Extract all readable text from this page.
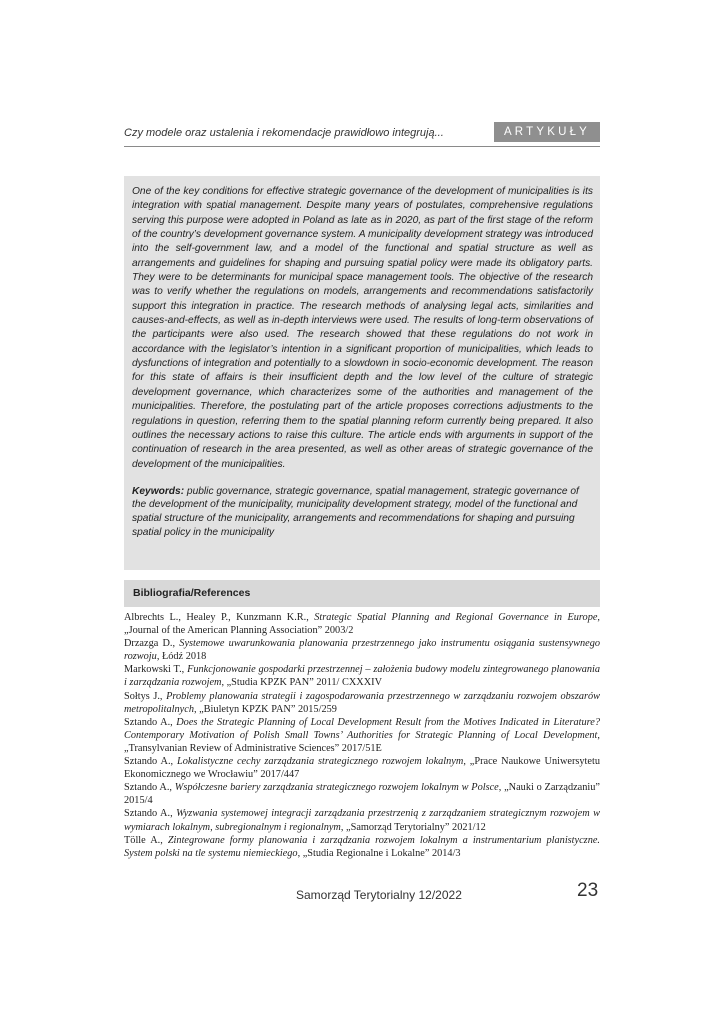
Czy modele oraz ustalenia i rekomendacje prawidłowo integrują...	ARTYKUŁY

One of the key conditions for effective strategic governance of the development of municipalities is its integration with spatial management. Despite many years of postulates, comprehensive regulations serving this purpose were adopted in Poland as late as in 2020, as part of the first stage of the reform of the country’s development governance system. A municipality development strategy was introduced into the self-government law, and a model of the functional and spatial structure as well as arrangements and guidelines for shaping and pursuing spatial policy were made its obligatory parts. They were to be determinants for municipal space management tools. The objective of the research was to verify whether the regulations on models, arrangements and recommendations satisfactorily support this integration in practice. The research methods of analysing legal acts, similarities and causes-and-effects, as well as in-depth interviews were used. The results of long-term observations of the participants were also used. The research showed that these regulations do not work in accordance with the legislator’s intention in a significant proportion of municipalities, which leads to dysfunctions of integration and potentially to a slowdown in socio-economic development. The reason for this state of affairs is their insufficient depth and the low level of the culture of strategic development governance, which characterizes some of the authorities and management of the municipalities. Therefore, the postulating part of the article proposes corrections adjustments to the regulations in question, referring them to the spatial planning reform currently being prepared. It also outlines the necessary actions to raise this culture. The article ends with arguments in support of the continuation of research in the area presented, as well as other areas of strategic governance of the development of the municipalities.

Keywords: public governance, strategic governance, spatial management, strategic governance of the development of the municipality, municipality development strategy, model of the functional and spatial structure of the municipality, arrangements and recommendations for shaping and pursuing spatial policy in the municipality

Bibliografia/References
Albrechts L., Healey P., Kunzmann K.R., Strategic Spatial Planning and Regional Governance in Europe, „Journal of the American Planning Association” 2003/2
Drzazga D., Systemowe uwarunkowania planowania przestrzennego jako instrumentu osiągania sustensywnego rozwoju, Łódź 2018
Markowski T., Funkcjonowanie gospodarki przestrzennej – założenia budowy modelu zintegrowanego planowania i zarządzania rozwojem, „Studia KPZK PAN” 2011/ CXXXIV
Sołtys J., Problemy planowania strategii i zagospodarowania przestrzennego w zarządzaniu rozwojem obszarów metropolitalnych, „Biuletyn KPZK PAN” 2015/259
Sztando A., Does the Strategic Planning of Local Development Result from the Motives Indicated in Literature? Contemporary Motivation of Polish Small Towns’ Authorities for Strategic Planning of Local Development, „Transylvanian Review of Administrative Sciences” 2017/51E
Sztando A., Lokalistyczne cechy zarządzania strategicznego rozwojem lokalnym, „Prace Naukowe Uniwersytetu Ekonomicznego we Wrocławiu” 2017/447
Sztando A., Współczesne bariery zarządzania strategicznego rozwojem lokalnym w Polsce, „Nauki o Zarządzaniu” 2015/4
Sztando A., Wyzwania systemowej integracji zarządzania przestrzenią z zarządzaniem strategicznym rozwojem w wymiarach lokalnym, subregionalnym i regionalnym, „Samorząd Terytorialny” 2021/12
Tölle A., Zintegrowane formy planowania i zarządzania rozwojem lokalnym a instrumentarium planistyczne. System polski na tle systemu niemieckiego, „Studia Regionalne i Lokalne” 2014/3
Samorząd Terytorialny 12/2022	23
